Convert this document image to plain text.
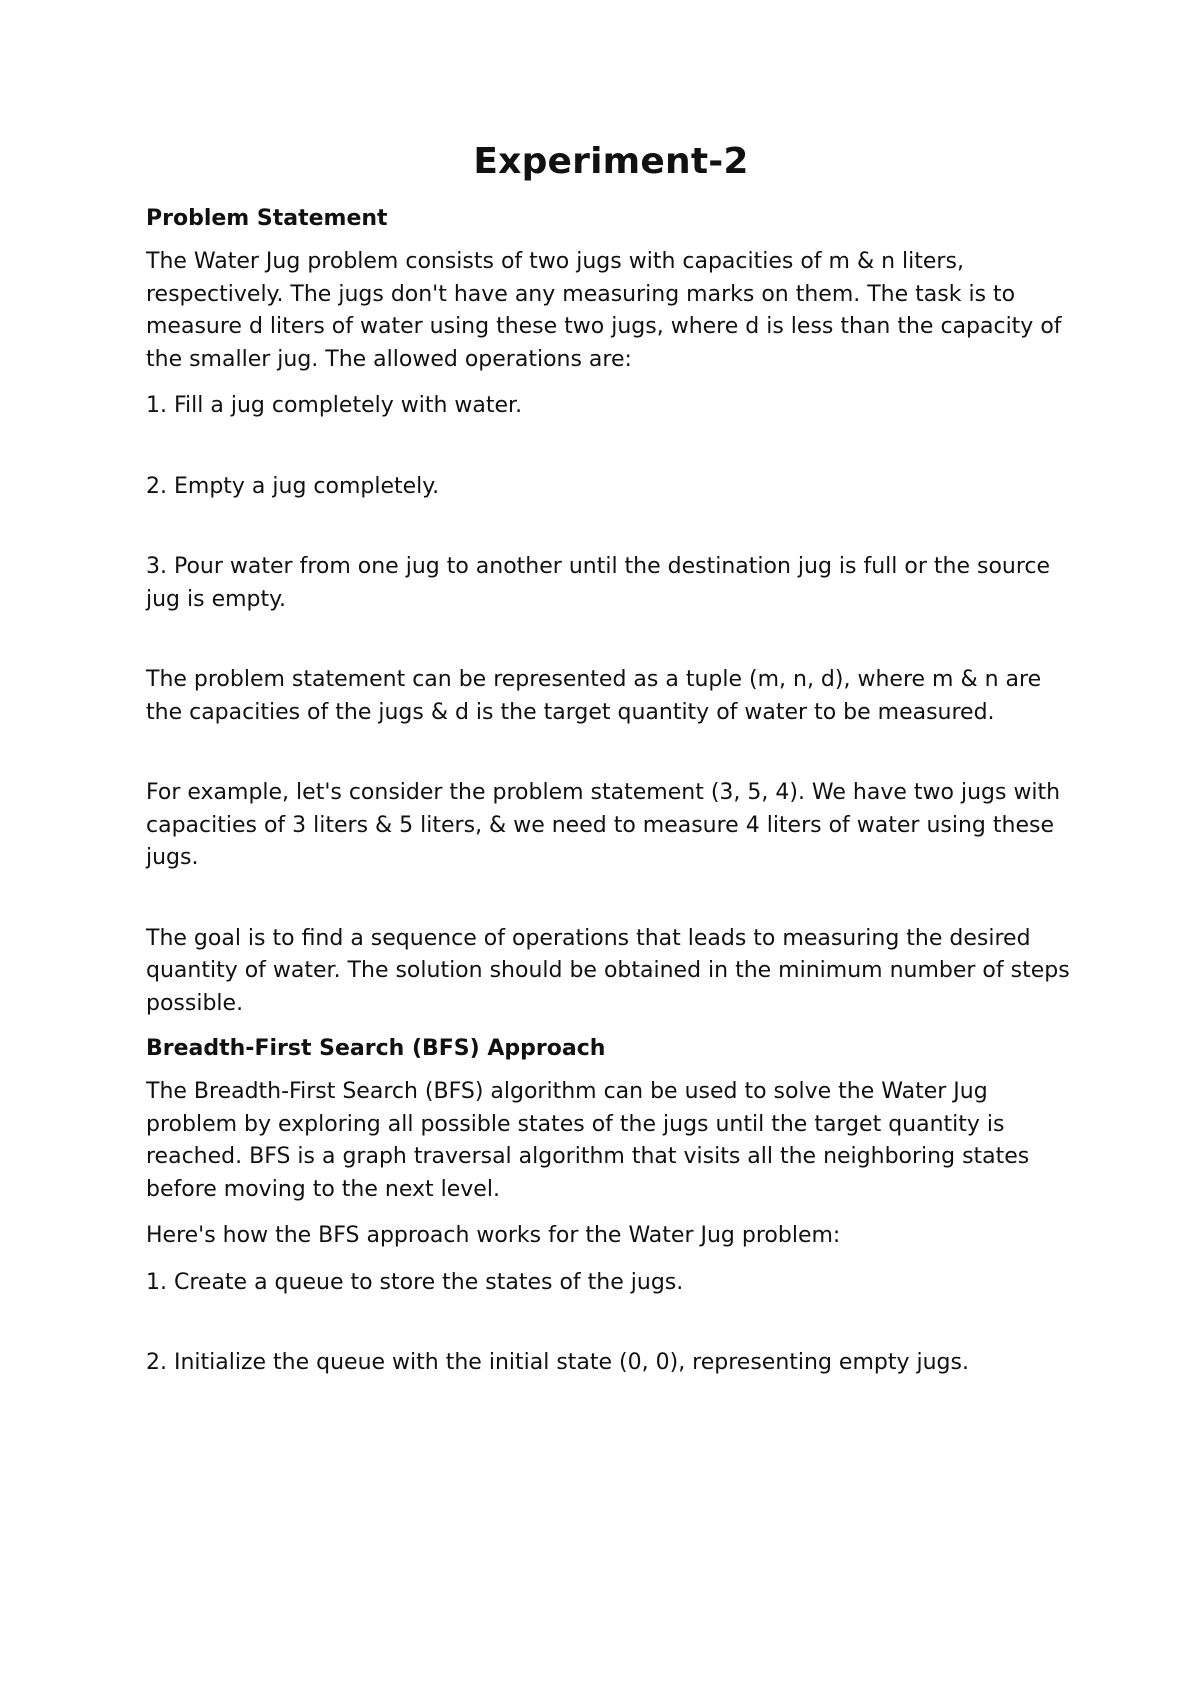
Experiment-2
Problem Statement

The Water Jug problem consists of two jugs with capacities of m & n liters, respectively. The jugs don't have any measuring marks on them. The task is to measure d liters of water using these two jugs, where d is less than the capacity of the smaller jug. The allowed operations are:

1. Fill a jug completely with water.

2. Empty a jug completely.

3. Pour water from one jug to another until the destination jug is full or the source jug is empty.

The problem statement can be represented as a tuple (m, n, d), where m & n are the capacities of the jugs & d is the target quantity of water to be measured.

For example, let's consider the problem statement (3, 5, 4). We have two jugs with capacities of 3 liters & 5 liters, & we need to measure 4 liters of water using these jugs.

The goal is to find a sequence of operations that leads to measuring the desired quantity of water. The solution should be obtained in the minimum number of steps possible.

Breadth-First Search (BFS) Approach

The Breadth-First Search (BFS) algorithm can be used to solve the Water Jug problem by exploring all possible states of the jugs until the target quantity is reached. BFS is a graph traversal algorithm that visits all the neighboring states before moving to the next level.

Here's how the BFS approach works for the Water Jug problem:

1. Create a queue to store the states of the jugs.

2. Initialize the queue with the initial state (0, 0), representing empty jugs.
